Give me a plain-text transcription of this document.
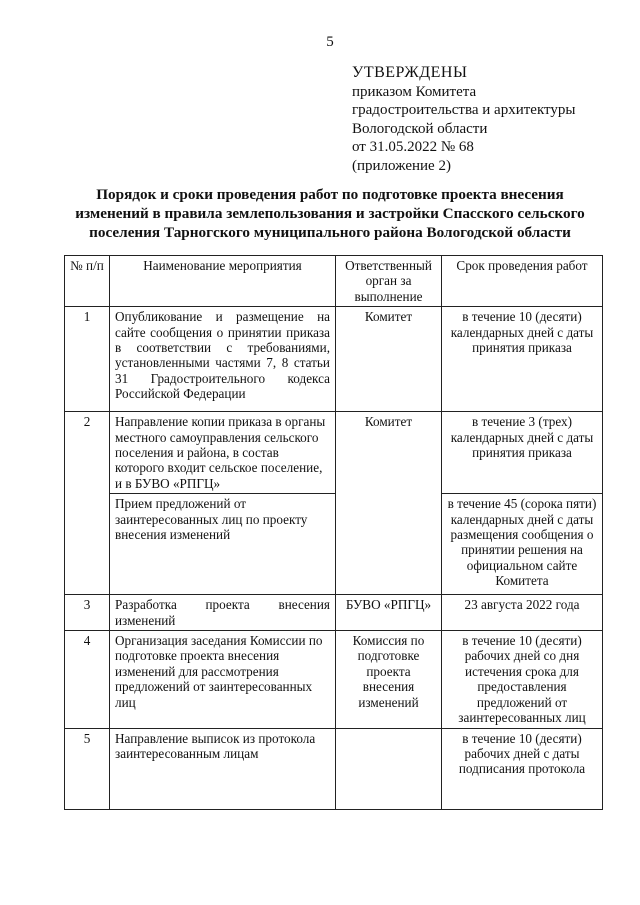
5
УТВЕРЖДЕНЫ
приказом Комитета
градостроительства и архитектуры
Вологодской области
от 31.05.2022 № 68
(приложение 2)
Порядок и сроки проведения работ по подготовке проекта внесения
изменений в правила землепользования и застройки Спасского сельского
поселения Тарногского муниципального района Вологодской области
№ п/п	Наименование мероприятия	Ответственный орган за выполнение	Срок проведения работ
1	Опубликование и размещение на сайте сообщения о принятии приказа в соответствии с требованиями, установленными частями 7, 8 статьи 31 Градостроительного кодекса Российской Федерации	Комитет	в течение 10 (десяти) календарных дней с даты принятия приказа
2	Направление копии приказа в органы местного самоуправления сельского поселения и района, в состав которого входит сельское поселение, и в БУВО «РПГЦ»	Комитет	в течение 3 (трех) календарных дней с даты принятия приказа
	Прием предложений от заинтересованных лиц по проекту внесения изменений		в течение 45 (сорока пяти) календарных дней с даты размещения сообщения о принятии решения на официальном сайте Комитета
3	Разработка проекта внесения изменений	БУВО «РПГЦ»	23 августа 2022 года
4	Организация заседания Комиссии по подготовке проекта внесения изменений для рассмотрения предложений от заинтересованных лиц	Комиссия по подготовке проекта внесения изменений	в течение 10 (десяти) рабочих дней со дня истечения срока для предоставления предложений от заинтересованных лиц
5	Направление выписок из протокола заинтересованным лицам		в течение 10 (десяти) рабочих дней с даты подписания протокола
